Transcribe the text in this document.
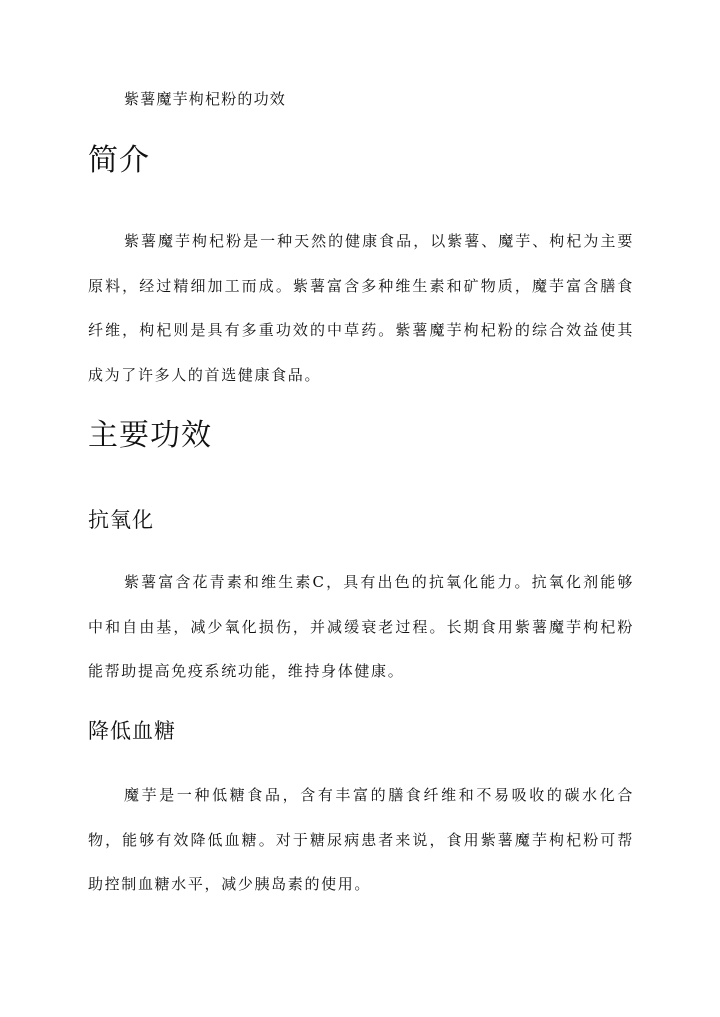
紫薯魔芋枸杞粉的功效
简介

紫薯魔芋枸杞粉是一种天然的健康食品，以紫薯、魔芋、枸杞为主要原料，经过精细加工而成。紫薯富含多种维生素和矿物质，魔芋富含膳食纤维，枸杞则是具有多重功效的中草药。紫薯魔芋枸杞粉的综合效益使其成为了许多人的首选健康食品。

主要功效
抗氧化

紫薯富含花青素和维生素C，具有出色的抗氧化能力。抗氧化剂能够中和自由基，减少氧化损伤，并减缓衰老过程。长期食用紫薯魔芋枸杞粉能帮助提高免疫系统功能，维持身体健康。

降低血糖

魔芋是一种低糖食品，含有丰富的膳食纤维和不易吸收的碳水化合物，能够有效降低血糖。对于糖尿病患者来说，食用紫薯魔芋枸杞粉可帮助控制血糖水平，减少胰岛素的使用。
